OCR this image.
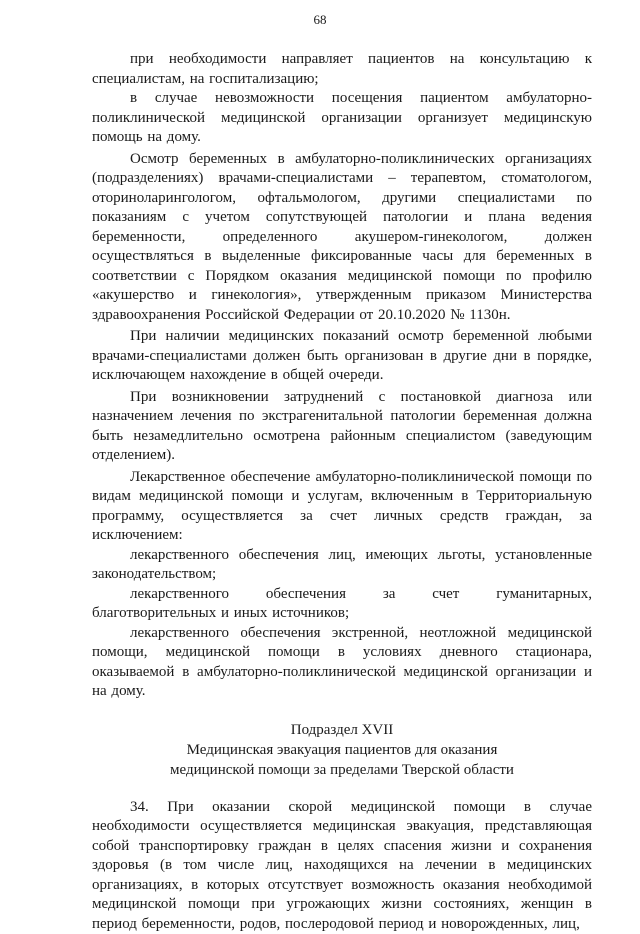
68

при необходимости направляет пациентов на консультацию к специалистам, на госпитализацию;

в случае невозможности посещения пациентом амбулаторно-поликлинической медицинской организации организует медицинскую помощь на дому.

Осмотр беременных в амбулаторно-поликлинических организациях (подразделениях) врачами-специалистами – терапевтом, стоматологом, оториноларингологом, офтальмологом, другими специалистами по показаниям с учетом сопутствующей патологии и плана ведения беременности, определенного акушером-гинекологом, должен осуществляться в выделенные фиксированные часы для беременных в соответствии с Порядком оказания медицинской помощи по профилю «акушерство и гинекология», утвержденным приказом Министерства здравоохранения Российской Федерации от 20.10.2020 № 1130н.

При наличии медицинских показаний осмотр беременной любыми врачами-специалистами должен быть организован в другие дни в порядке, исключающем нахождение в общей очереди.

При возникновении затруднений с постановкой диагноза или назначением лечения по экстрагенитальной патологии беременная должна быть незамедлительно осмотрена районным специалистом (заведующим отделением).

Лекарственное обеспечение амбулаторно-поликлинической помощи по видам медицинской помощи и услугам, включенным в Территориальную программу, осуществляется за счет личных средств граждан, за исключением:

лекарственного обеспечения лиц, имеющих льготы, установленные законодательством;

лекарственного обеспечения за счет гуманитарных, благотворительных и иных источников;

лекарственного обеспечения экстренной, неотложной медицинской помощи, медицинской помощи в условиях дневного стационара, оказываемой в амбулаторно-поликлинической медицинской организации и на дому.

Подраздел XVII
Медицинская эвакуация пациентов для оказания
медицинской помощи за пределами Тверской области

34. При оказании скорой медицинской помощи в случае необходимости осуществляется медицинская эвакуация, представляющая собой транспортировку граждан в целях спасения жизни и сохранения здоровья (в том числе лиц, находящихся на лечении в медицинских организациях, в которых отсутствует возможность оказания необходимой медицинской помощи при угрожающих жизни состояниях, женщин в период беременности, родов, послеродовой период и новорожденных, лиц,
